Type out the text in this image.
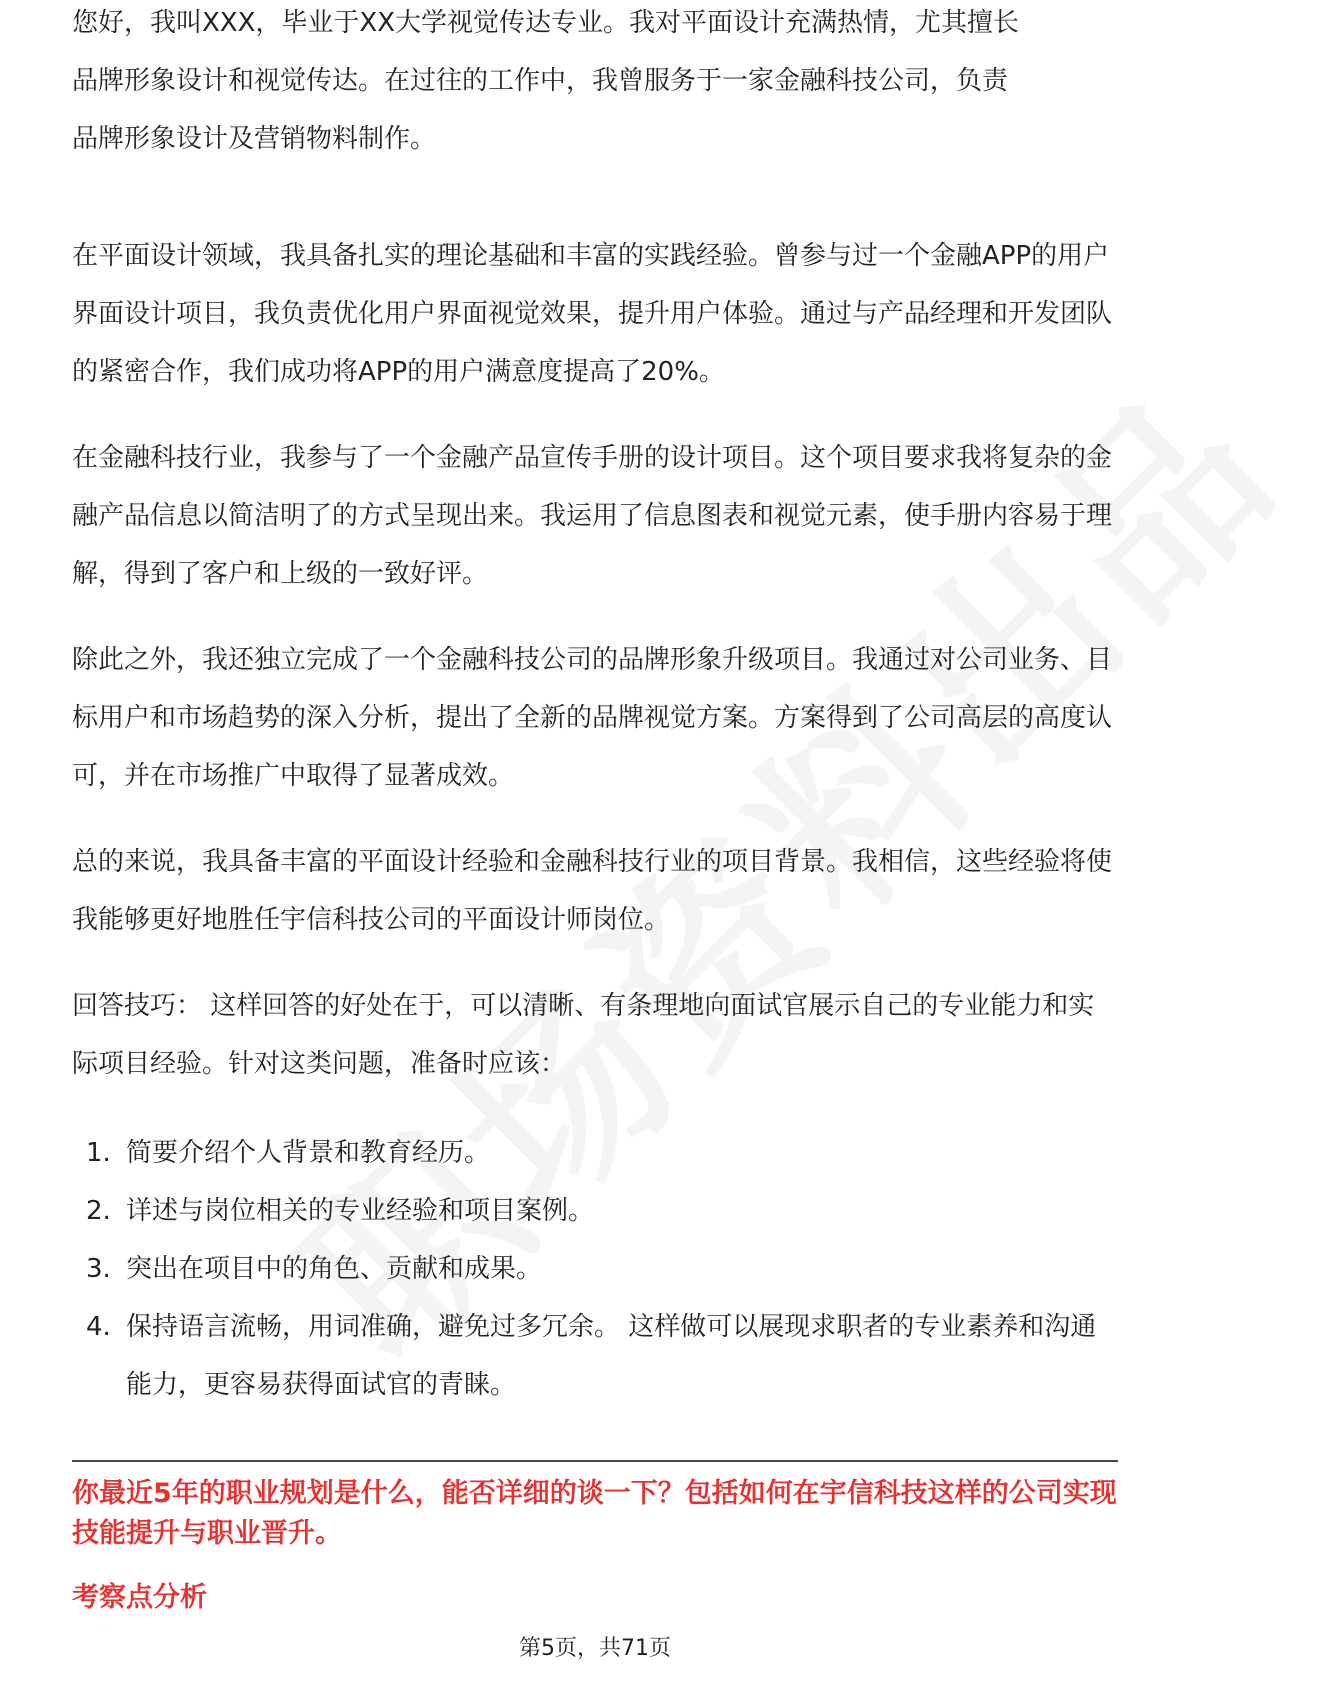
您好，我叫XXX，毕业于XX大学视觉传达专业。我对平面设计充满热情，尤其擅长

品牌形象设计和视觉传达。在过往的工作中，我曾服务于一家金融科技公司，负责

品牌形象设计及营销物料制作。

在平面设计领域，我具备扎实的理论基础和丰富的实践经验。曾参与过一个金融APP的用户界面设计项目，我负责优化用户界面视觉效果，提升用户体验。通过与产品经理和开发团队的紧密合作，我们成功将APP的用户满意度提高了20%。

在金融科技行业，我参与了一个金融产品宣传手册的设计项目。这个项目要求我将复杂的金融产品信息以简洁明了的方式呈现出来。我运用了信息图表和视觉元素，使手册内容易于理解，得到了客户和上级的一致好评。

除此之外，我还独立完成了一个金融科技公司的品牌形象升级项目。我通过对公司业务、目标用户和市场趋势的深入分析，提出了全新的品牌视觉方案。方案得到了公司高层的高度认可，并在市场推广中取得了显著成效。

总的来说，我具备丰富的平面设计经验和金融科技行业的项目背景。我相信，这些经验将使我能够更好地胜任宇信科技公司的平面设计师岗位。

回答技巧： 这样回答的好处在于，可以清晰、有条理地向面试官展示自己的专业能力和实际项目经验。针对这类问题，准备时应该：

1. 简要介绍个人背景和教育经历。
2. 详述与岗位相关的专业经验和项目案例。
3. 突出在项目中的角色、贡献和成果。
4. 保持语言流畅，用词准确，避免过多冗余。 这样做可以展现求职者的专业素养和沟通能力，更容易获得面试官的青睐。
你最近5年的职业规划是什么，能否详细的谈一下？包括如何在宇信科技这样的公司实现技能提升与职业晋升。
考察点分析
第5页，共71页
